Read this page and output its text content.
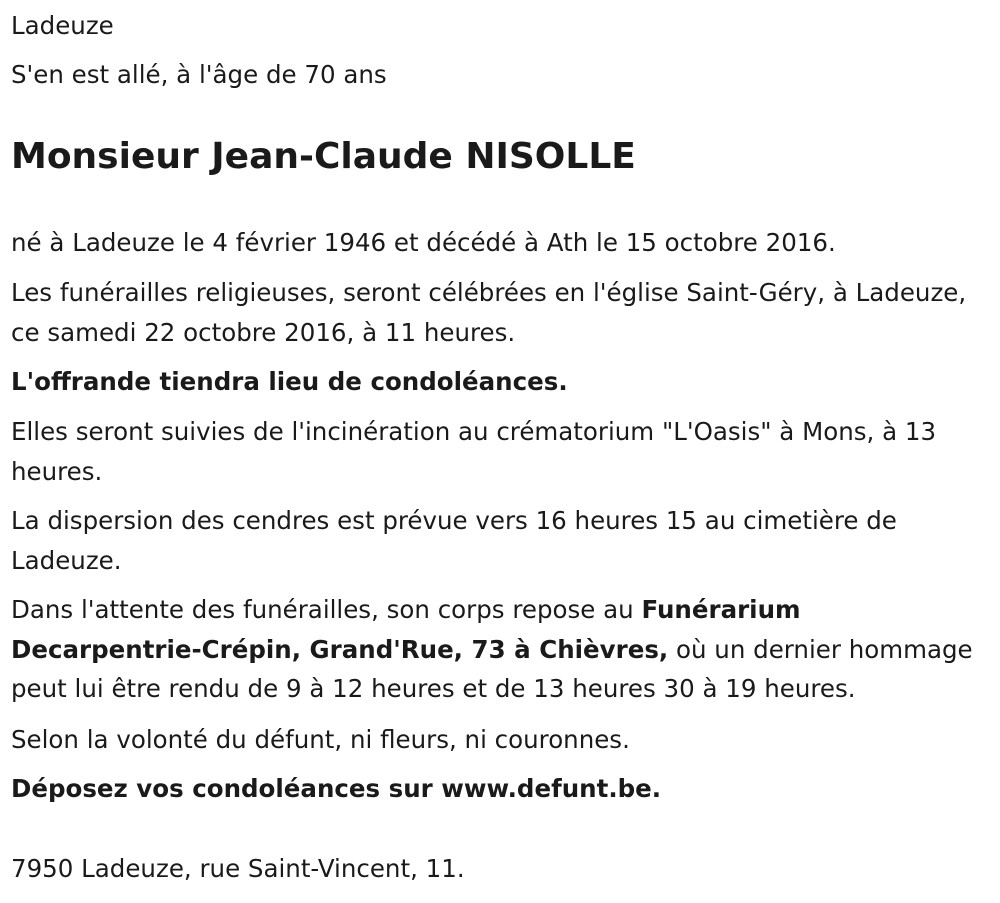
Ladeuze

S'en est allé, à l'âge de 70 ans

Monsieur Jean-Claude NISOLLE

né à Ladeuze le 4 février 1946 et décédé à Ath le 15 octobre 2016.

Les funérailles religieuses, seront célébrées en l'église Saint-Géry, à Ladeuze, ce samedi 22 octobre 2016, à 11 heures.

L'offrande tiendra lieu de condoléances.

Elles seront suivies de l'incinération au crématorium "L'Oasis" à Mons, à 13 heures.

La dispersion des cendres est prévue vers 16 heures 15 au cimetière de Ladeuze.

Dans l'attente des funérailles, son corps repose au Funérarium Decarpentrie-Crépin, Grand'Rue, 73 à Chièvres, où un dernier hommage peut lui être rendu de 9 à 12 heures et de 13 heures 30 à 19 heures.

Selon la volonté du défunt, ni fleurs, ni couronnes.

Déposez vos condoléances sur www.defunt.be.

7950 Ladeuze, rue Saint-Vincent, 11.
